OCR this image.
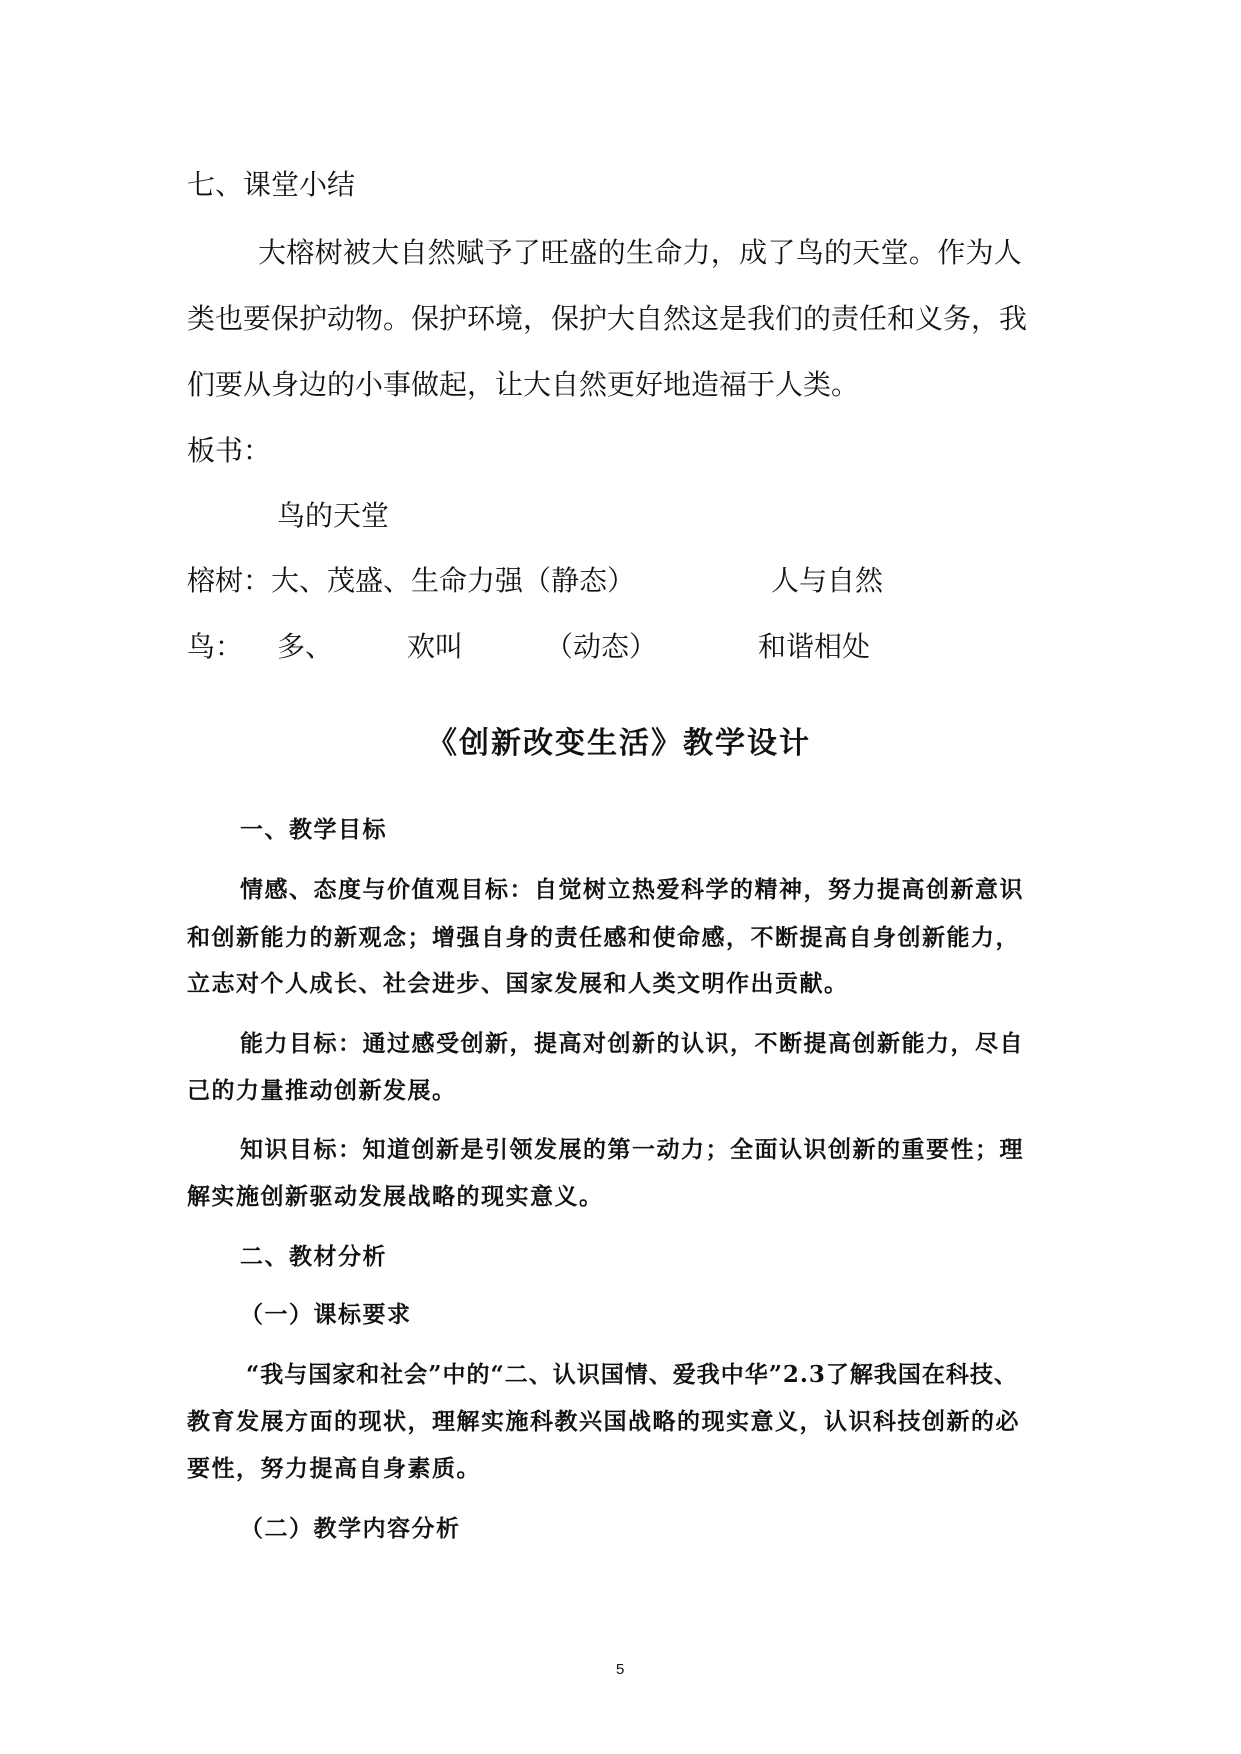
七、课堂小结

大榕树被大自然赋予了旺盛的生命力，成了鸟的天堂。作为人

类也要保护动物。保护环境，保护大自然这是我们的责任和义务，我

们要从身边的小事做起，让大自然更好地造福于人类。

板书：

鸟的天堂

榕树：大、茂盛、生命力强（静态）	人与自然

鸟： 多、	欢叫	（动态）	和谐相处

《创新改变生活》教学设计

一、教学目标

情感、态度与价值观目标：自觉树立热爱科学的精神，努力提高创新意识

和创新能力的新观念；增强自身的责任感和使命感，不断提高自身创新能力，

立志对个人成长、社会进步、国家发展和人类文明作出贡献。

能力目标：通过感受创新，提高对创新的认识，不断提高创新能力，尽自

己的力量推动创新发展。

知识目标：知道创新是引领发展的第一动力；全面认识创新的重要性；理

解实施创新驱动发展战略的现实意义。

二、教材分析

（一）课标要求

“我与国家和社会”中的“二、认识国情、爱我中华”2.3了解我国在科技、

教育发展方面的现状，理解实施科教兴国战略的现实意义，认识科技创新的必

要性，努力提高自身素质。

（二）教学内容分析

5
